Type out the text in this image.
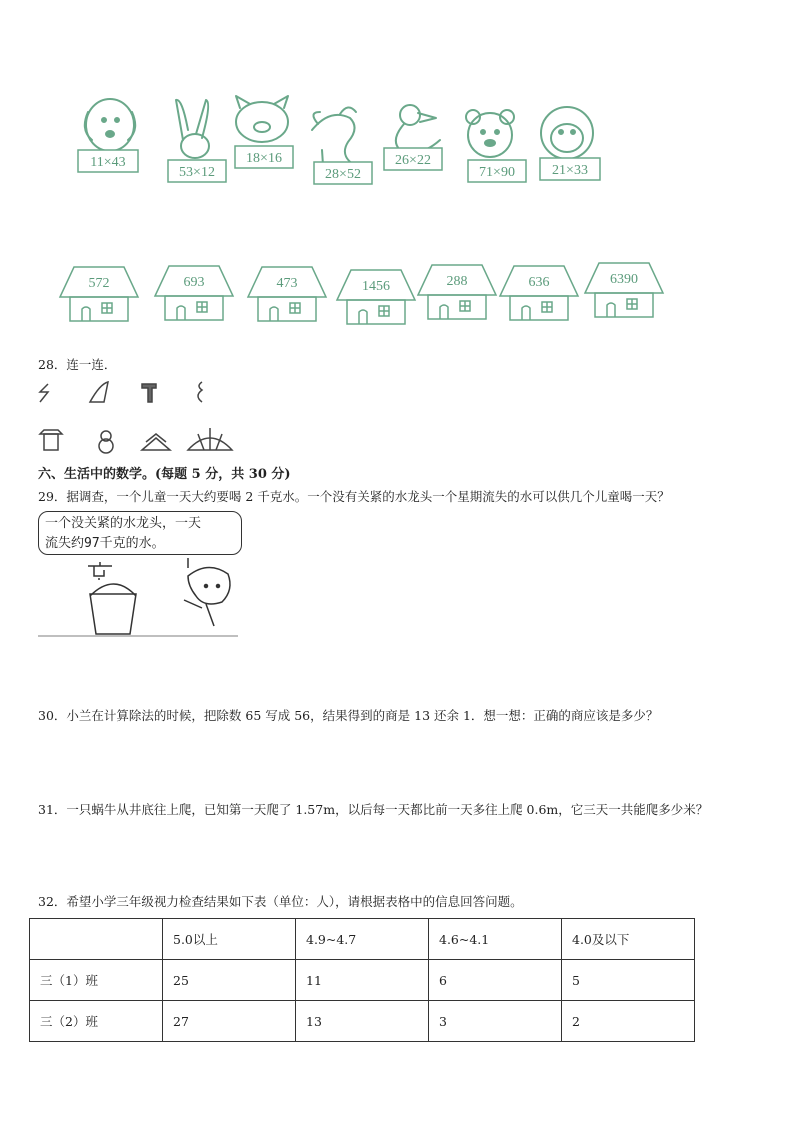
11×43
53×12
18×16
28×52
26×22
71×90	21×33
572	693	473	1456	288	636	6390
28．连一连．
六、生活中的数学。(每题 5 分，共 30 分)
29．据调查，一个儿童一天大约要喝 2 千克水。一个没有关紧的水龙头一个星期流失的水可以供几个儿童喝一天？
一个没关紧的水龙头，一天
流失约97千克的水。
30．小兰在计算除法的时候，把除数 65 写成 56，结果得到的商是 13 还余 1．想一想：正确的商应该是多少？
31．一只蜗牛从井底往上爬，已知第一天爬了 1.57m，以后每一天都比前一天多往上爬 0.6m，它三天一共能爬多少米？
32．希望小学三年级视力检查结果如下表（单位：人），请根据表格中的信息回答问题。
	5.0以上	4.9~4.7	4.6~4.1	4.0及以下
三（1）班	25	11	6	5
三（2）班	27	13	3	2
